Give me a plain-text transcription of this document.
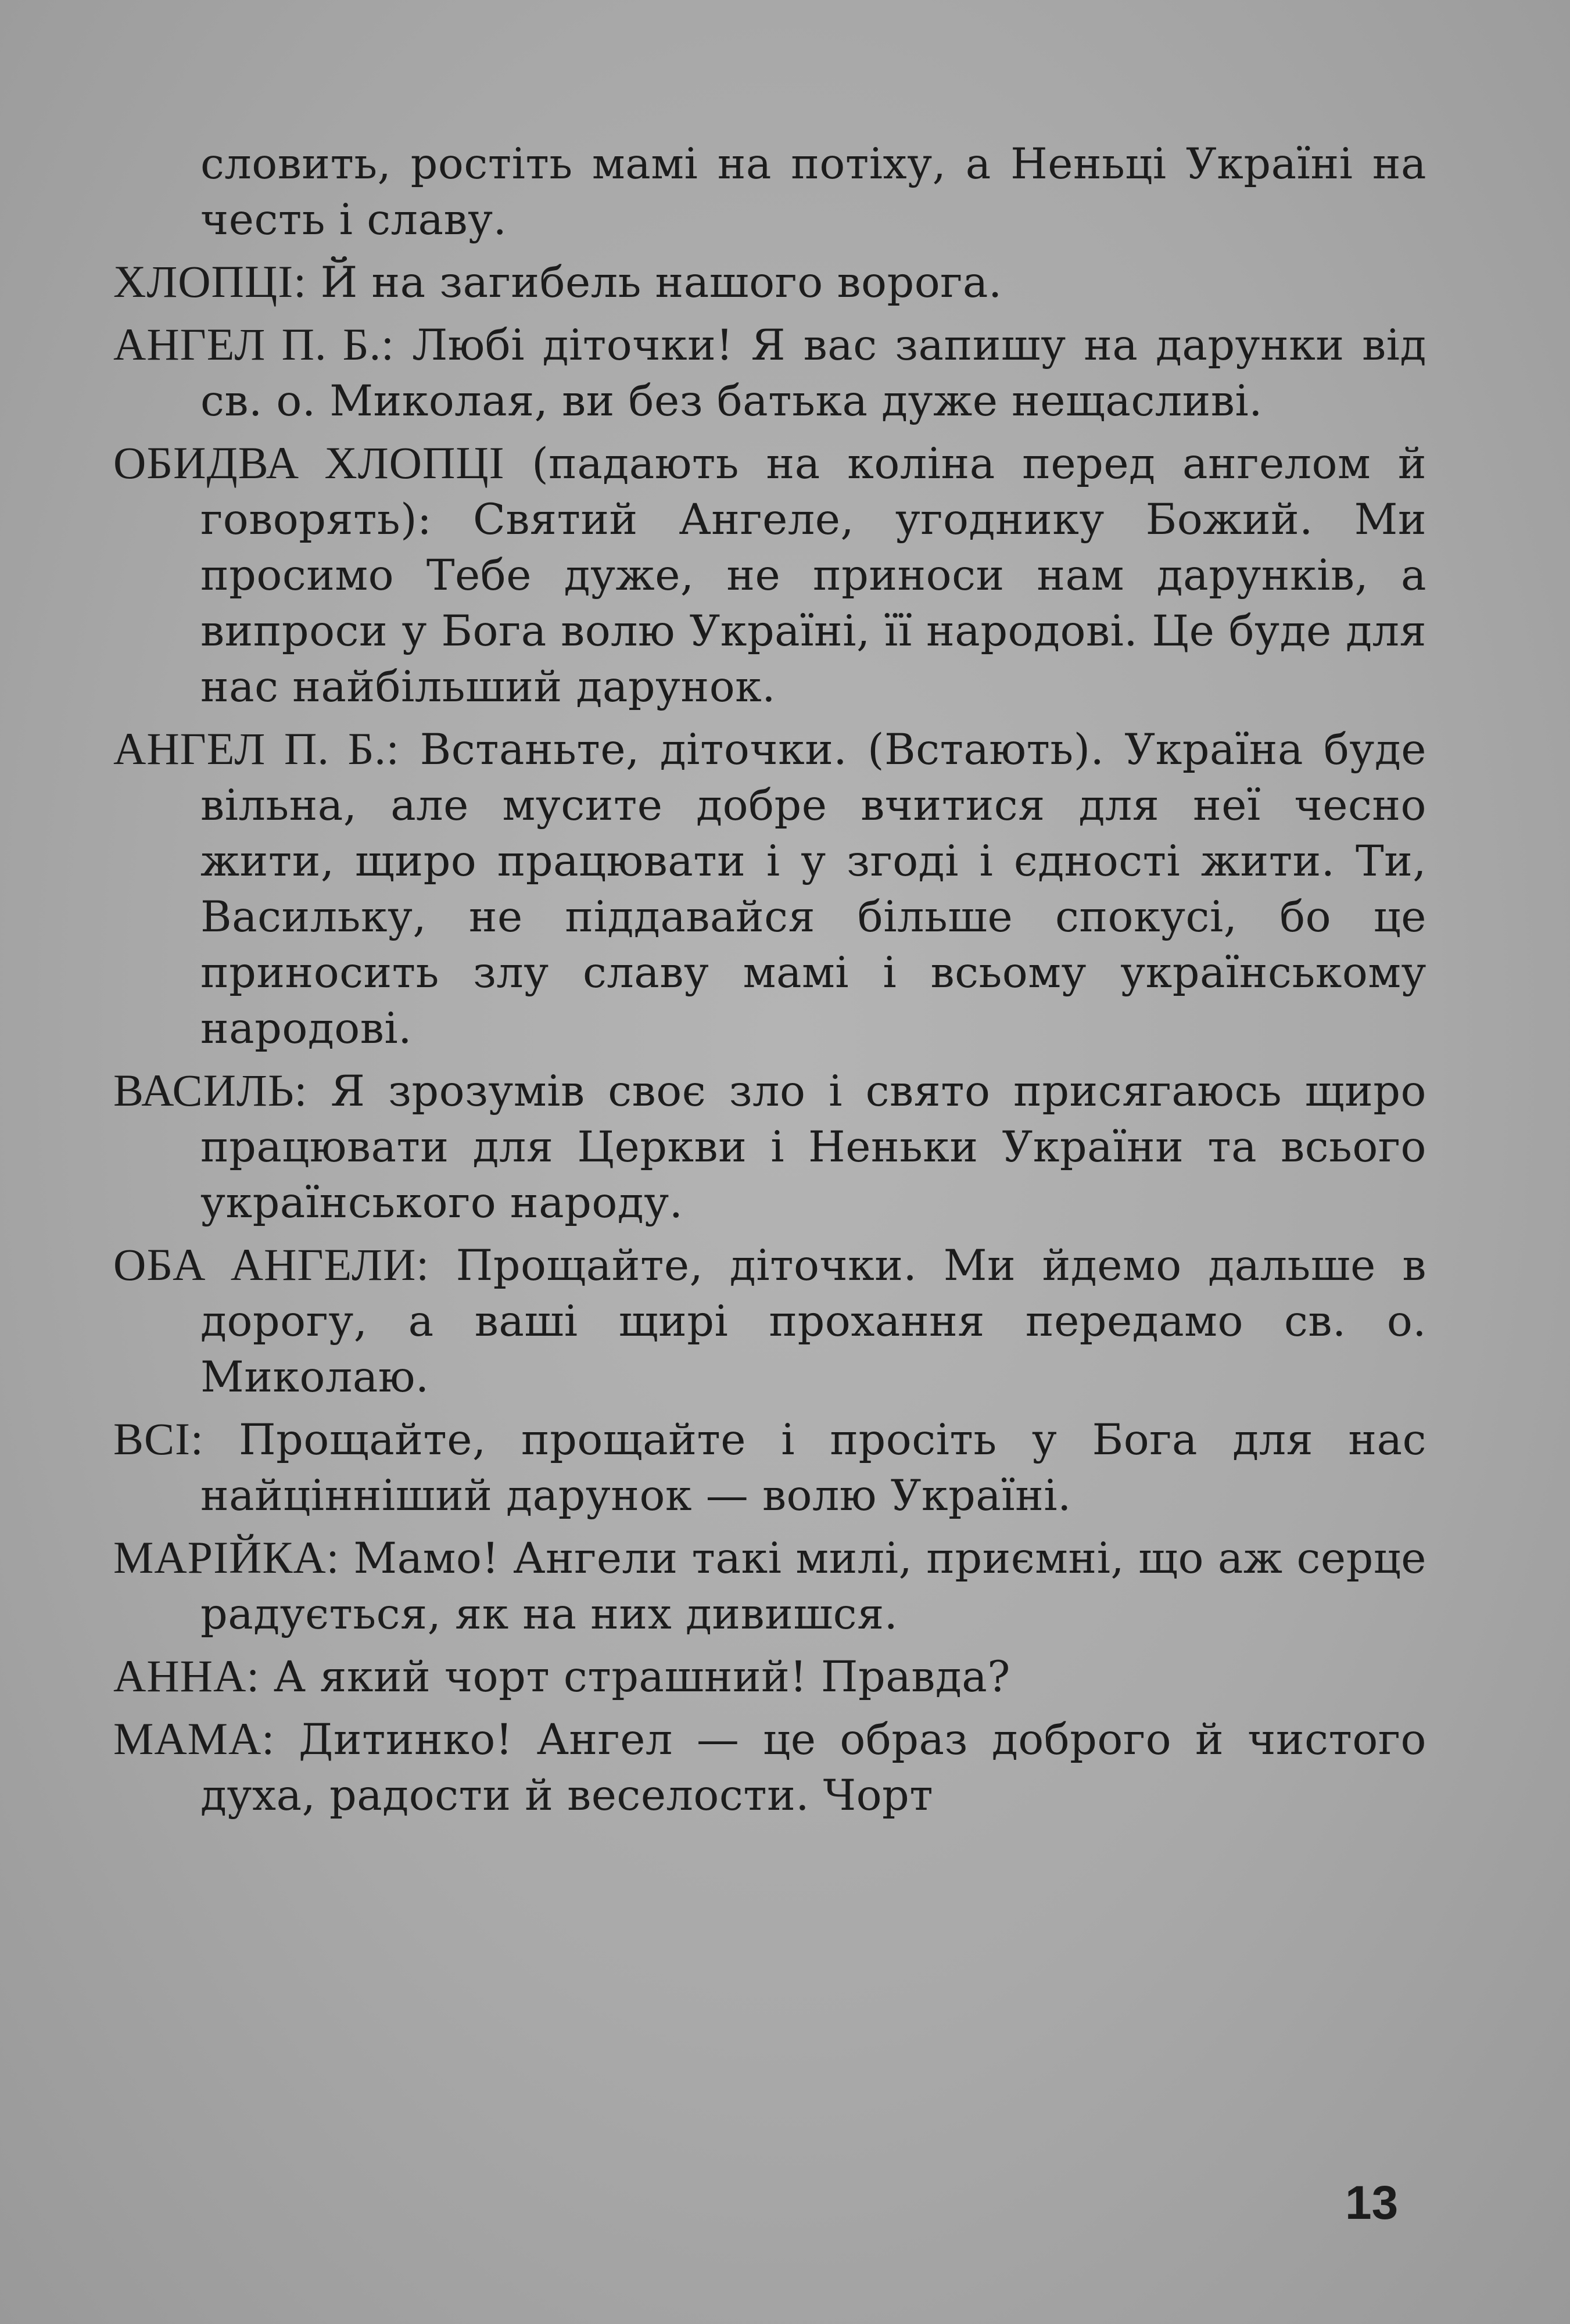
словить, ростіть мамі на потіху, а Неньці Україні на честь і славу.
ХЛОПЦІ: Й на загибель нашого ворога.
АНГЕЛ П. Б.: Любі діточки! Я вас запишу на дарунки від св. о. Миколая, ви без батька дуже нещасливі.
ОБИДВА ХЛОПЦІ (падають на коліна перед ангелом й говорять): Святий Ангеле, угоднику Божий. Ми просимо Тебе дуже, не приноси нам дарунків, а випроси у Бога волю Україні, її народові. Це буде для нас найбільший дарунок.
АНГЕЛ П. Б.: Встаньте, діточки. (Встають). Україна буде вільна, але мусите добре вчитися для неї чесно жити, щиро працювати і у згоді і єдності жити. Ти, Васильку, не піддавайся більше спокусі, бо це приносить злу славу мамі і всьому українському народові.
ВАСИЛЬ: Я зрозумів своє зло і свято присягаюсь щиро працювати для Церкви і Неньки України та всього українського народу.
ОБА АНГЕЛИ: Прощайте, діточки. Ми йдемо дальше в дорогу, а ваші щирі прохання передамо св. о. Миколаю.
ВСІ: Прощайте, прощайте і просіть у Бога для нас найцінніший дарунок — волю Україні.
МАРІЙКА: Мамо! Ангели такі милі, приємні, що аж серце радується, як на них дивишся.
АННА: А який чорт страшний! Правда?
МАМА: Дитинко! Ангел — це образ доброго й чистого духа, радости й веселости. Чорт
13
